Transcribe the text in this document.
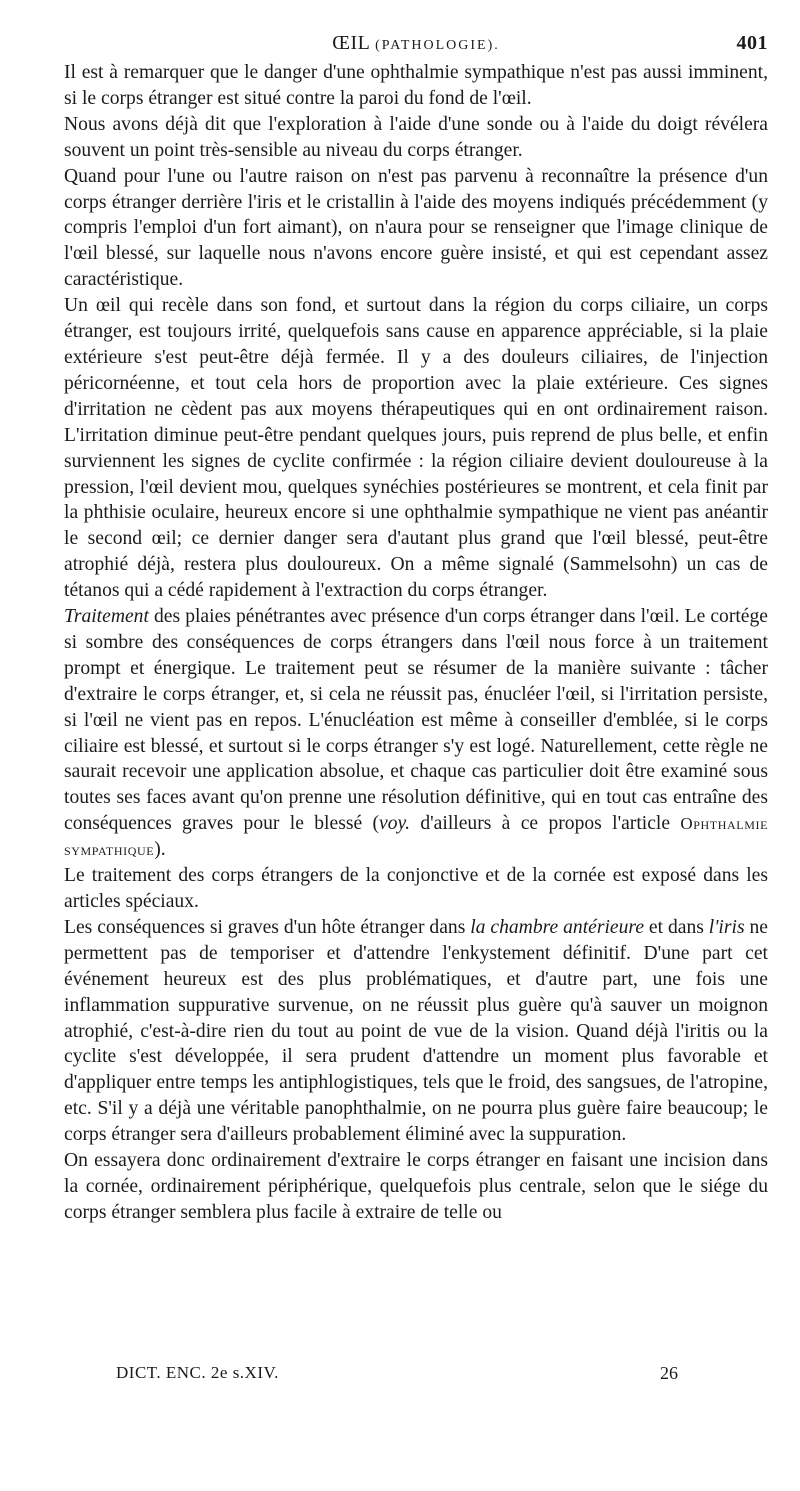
ŒIL (PATHOLOGIE).	401

Il est à remarquer que le danger d'une ophthalmie sympathique n'est pas aussi imminent, si le corps étranger est situé contre la paroi du fond de l'œil.

Nous avons déjà dit que l'exploration à l'aide d'une sonde ou à l'aide du doigt révélera souvent un point très-sensible au niveau du corps étranger.

Quand pour l'une ou l'autre raison on n'est pas parvenu à reconnaître la présence d'un corps étranger derrière l'iris et le cristallin à l'aide des moyens indiqués précédemment (y compris l'emploi d'un fort aimant), on n'aura pour se renseigner que l'image clinique de l'œil blessé, sur laquelle nous n'avons encore guère insisté, et qui est cependant assez caractéristique.

Un œil qui recèle dans son fond, et surtout dans la région du corps ciliaire, un corps étranger, est toujours irrité, quelquefois sans cause en apparence appréciable, si la plaie extérieure s'est peut-être déjà fermée. Il y a des douleurs ciliaires, de l'injection péricornéenne, et tout cela hors de proportion avec la plaie extérieure. Ces signes d'irritation ne cèdent pas aux moyens thérapeutiques qui en ont ordinairement raison. L'irritation diminue peut-être pendant quelques jours, puis reprend de plus belle, et enfin surviennent les signes de cyclite confirmée : la région ciliaire devient douloureuse à la pression, l'œil devient mou, quelques synéchies postérieures se montrent, et cela finit par la phthisie oculaire, heureux encore si une ophthalmie sympathique ne vient pas anéantir le second œil; ce dernier danger sera d'autant plus grand que l'œil blessé, peut-être atrophié déjà, restera plus douloureux. On a même signalé (Sammelsohn) un cas de tétanos qui a cédé rapidement à l'extraction du corps étranger.

Traitement des plaies pénétrantes avec présence d'un corps étranger dans l'œil. Le cortége si sombre des conséquences de corps étrangers dans l'œil nous force à un traitement prompt et énergique. Le traitement peut se résumer de la manière suivante : tâcher d'extraire le corps étranger, et, si cela ne réussit pas, énucléer l'œil, si l'irritation persiste, si l'œil ne vient pas en repos. L'énucléation est même à conseiller d'emblée, si le corps ciliaire est blessé, et surtout si le corps étranger s'y est logé. Naturellement, cette règle ne saurait recevoir une application absolue, et chaque cas particulier doit être examiné sous toutes ses faces avant qu'on prenne une résolution définitive, qui en tout cas entraîne des conséquences graves pour le blessé (voy. d'ailleurs à ce propos l'article Ophthalmie sympathique).

Le traitement des corps étrangers de la conjonctive et de la cornée est exposé dans les articles spéciaux.

Les conséquences si graves d'un hôte étranger dans la chambre antérieure et dans l'iris ne permettent pas de temporiser et d'attendre l'enkystement définitif. D'une part cet événement heureux est des plus problématiques, et d'autre part, une fois une inflammation suppurative survenue, on ne réussit plus guère qu'à sauver un moignon atrophié, c'est-à-dire rien du tout au point de vue de la vision. Quand déjà l'iritis ou la cyclite s'est développée, il sera prudent d'attendre un moment plus favorable et d'appliquer entre temps les antiphlogistiques, tels que le froid, des sangsues, de l'atropine, etc. S'il y a déjà une véritable panophthalmie, on ne pourra plus guère faire beaucoup; le corps étranger sera d'ailleurs probablement éliminé avec la suppuration.

On essayera donc ordinairement d'extraire le corps étranger en faisant une incision dans la cornée, ordinairement périphérique, quelquefois plus centrale, selon que le siége du corps étranger semblera plus facile à extraire de telle ou

DICT. ENC. 2e s.XIV.	26
